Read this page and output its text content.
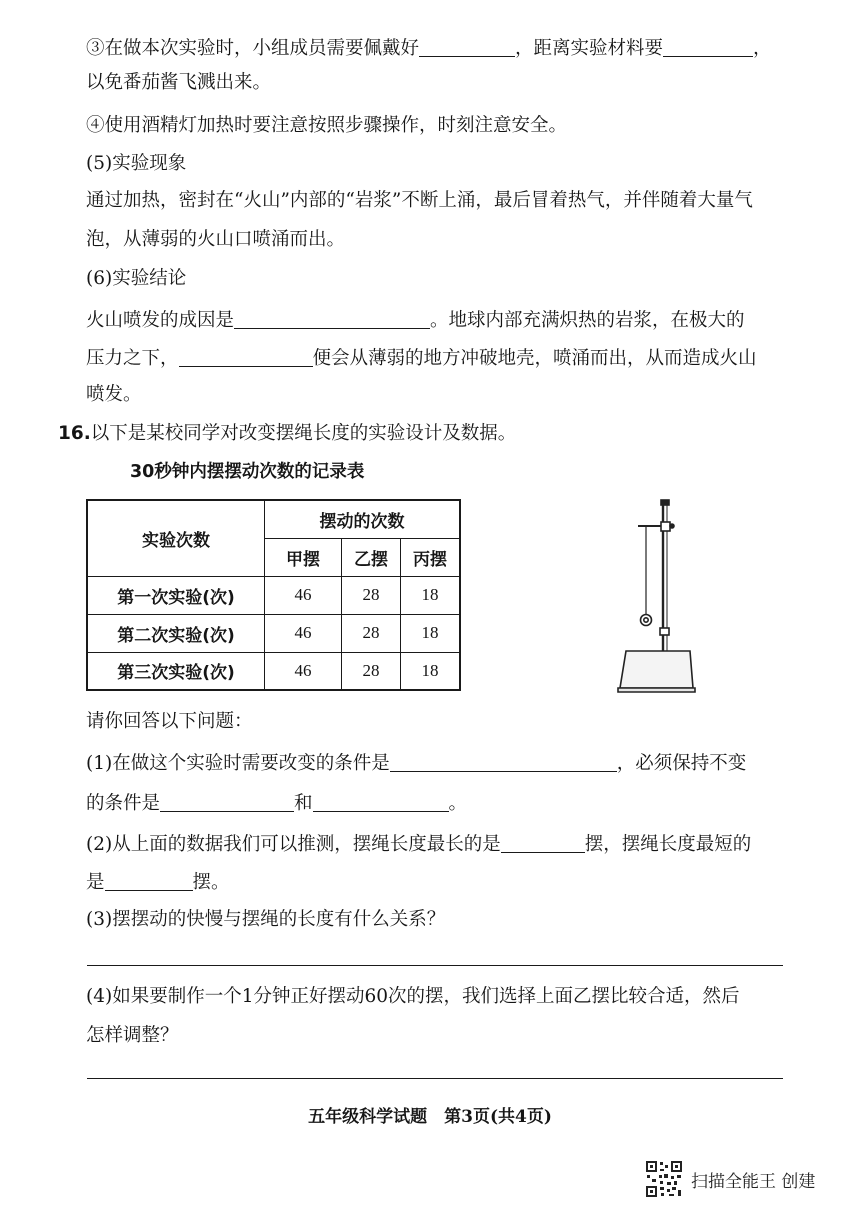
③在做本次实验时，小组成员需要佩戴好	，距离实验材料要	，
以免番茄酱飞溅出来。
④使用酒精灯加热时要注意按照步骤操作，时刻注意安全。
(5)实验现象
通过加热，密封在“火山”内部的“岩浆”不断上涌，最后冒着热气，并伴随着大量气
泡，从薄弱的火山口喷涌而出。
(6)实验结论
火山喷发的成因是	。地球内部充满炽热的岩浆，在极大的
压力之下，	便会从薄弱的地方冲破地壳，喷涌而出，从而造成火山
喷发。
16.以下是某校同学对改变摆绳长度的实验设计及数据。
30秒钟内摆摆动次数的记录表
实验次数	摆动的次数		
	甲摆	乙摆	丙摆
第一次实验(次)	46	28	18
第二次实验(次)	46	28	18
第三次实验(次)	46	28	18
请你回答以下问题：
(1)在做这个实验时需要改变的条件是	，必须保持不变
的条件是	和	。
(2)从上面的数据我们可以推测，摆绳长度最长的是	摆，摆绳长度最短的
是	摆。
(3)摆摆动的快慢与摆绳的长度有什么关系？
(4)如果要制作一个1分钟正好摆动60次的摆，我们选择上面乙摆比较合适，然后
怎样调整？
五年级科学试题　第3页(共4页)
扫描全能王 创建
